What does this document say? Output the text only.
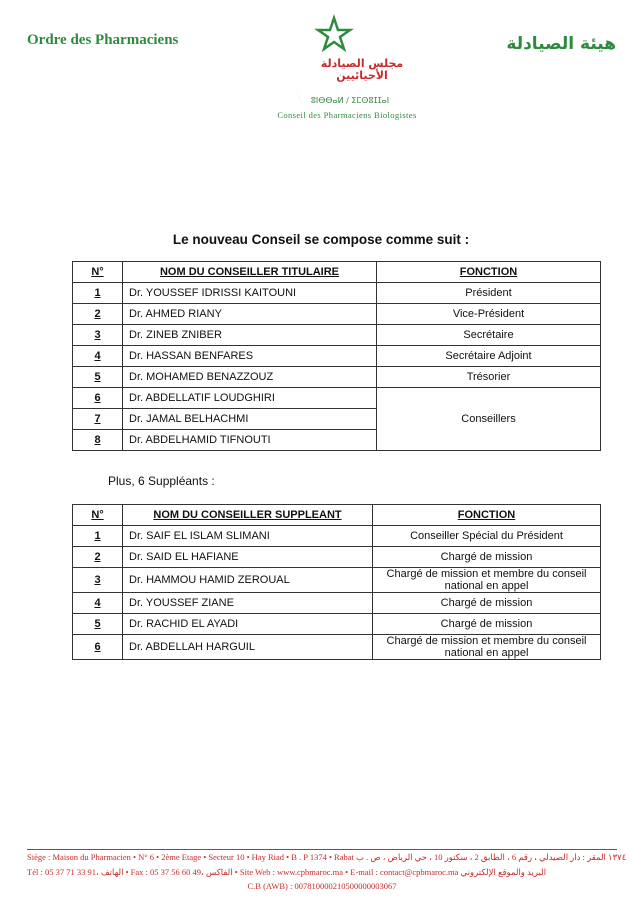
Ordre des Pharmaciens	هيئة الصيادلة
مجلس الصيادلة
الأحيائيين
ⵓⵏⴱⴱⴰⵍ / ⵉⵎⵙⵓⵊⵊⴰⵏ
Conseil des Pharmaciens Biologistes
Le nouveau Conseil se compose comme suit :
N°	NOM DU CONSEILLER TITULAIRE	FONCTION
1	Dr. YOUSSEF IDRISSI KAITOUNI	Président
2	Dr. AHMED RIANY	Vice-Président
3	Dr. ZINEB ZNIBER	Secrétaire
4	Dr. HASSAN BENFARES	Secrétaire Adjoint
5	Dr. MOHAMED BENAZZOUZ	Trésorier
6	Dr. ABDELLATIF LOUDGHIRI	Conseillers
7	Dr. JAMAL BELHACHMI	
8	Dr. ABDELHAMID TIFNOUTI	
Plus, 6 Suppléants :
N°	NOM DU CONSEILLER SUPPLEANT	FONCTION
1	Dr. SAIF EL ISLAM SLIMANI	Conseiller Spécial du Président
2	Dr. SAID EL HAFIANE	Chargé de mission
3	Dr. HAMMOU HAMID ZEROUAL	Chargé de mission et membre du conseil national en appel
4	Dr. YOUSSEF ZIANE	Chargé de mission
5	Dr. RACHID EL AYADI	Chargé de mission
6	Dr. ABDELLAH HARGUIL	Chargé de mission et membre du conseil national en appel
Siège : Maison du Pharmacien • N° 6 • 2ème Etage • Secteur 10 • Hay Riad • B . P 1374 • Rabat ١٣٧٤ المقر : دار الصيدلي ، رقم 6 ، الطابق 2 ، سكتور 10 ، حي الرياض ، ص . ب
Tél : 05 37 71 33 91، الهاتف • Fax : 05 37 56 60 49، الفاكس • Site Web : www.cpbmaroc.ma • E-mail : contact@cpbmaroc.ma البريد والموقع الإلكتروني
C.B (AWB) : 007810000210500000003067
